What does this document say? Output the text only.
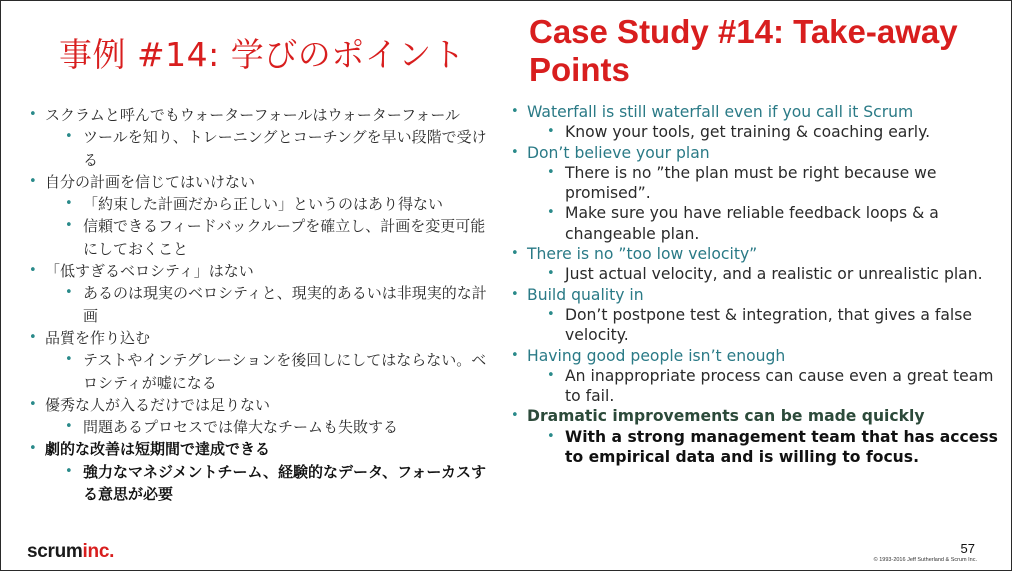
事例 #14: 学びのポイント
Case Study #14: Take-away Points
• スクラムと呼んでもウォーターフォールはウォーターフォール
• ツールを知り、トレーニングとコーチングを早い段階で受ける
• 自分の計画を信じてはいけない
• 「約束した計画だから正しい」というのはあり得ない
• 信頼できるフィードバックループを確立し、計画を変更可能にしておくこと
• 「低すぎるベロシティ」はない
• あるのは現実のベロシティと、現実的あるいは非現実的な計画
• 品質を作り込む
• テストやインテグレーションを後回しにしてはならない。ベロシティが嘘になる
• 優秀な人が入るだけでは足りない
• 問題あるプロセスでは偉大なチームも失敗する
• 劇的な改善は短期間で達成できる
• 強力なマネジメントチーム、経験的なデータ、フォーカスする意思が必要
• Waterfall is still waterfall even if you call it Scrum
• Know your tools, get training & coaching early.
• Don’t believe your plan
• There is no ”the plan must be right because we promised”.
• Make sure you have reliable feedback loops & a changeable plan.
• There is no ”too low velocity”
• Just actual velocity, and a realistic or unrealistic plan.
• Build quality in
• Don’t postpone test & integration, that gives a false velocity.
• Having good people isn’t enough
• An inappropriate process can cause even a great team to fail.
• Dramatic improvements can be made quickly
• With a strong management team that has access to empirical data and is willing to focus.
scruminc.	57
© 1993-2016 Jeff Sutherland & Scrum Inc.
